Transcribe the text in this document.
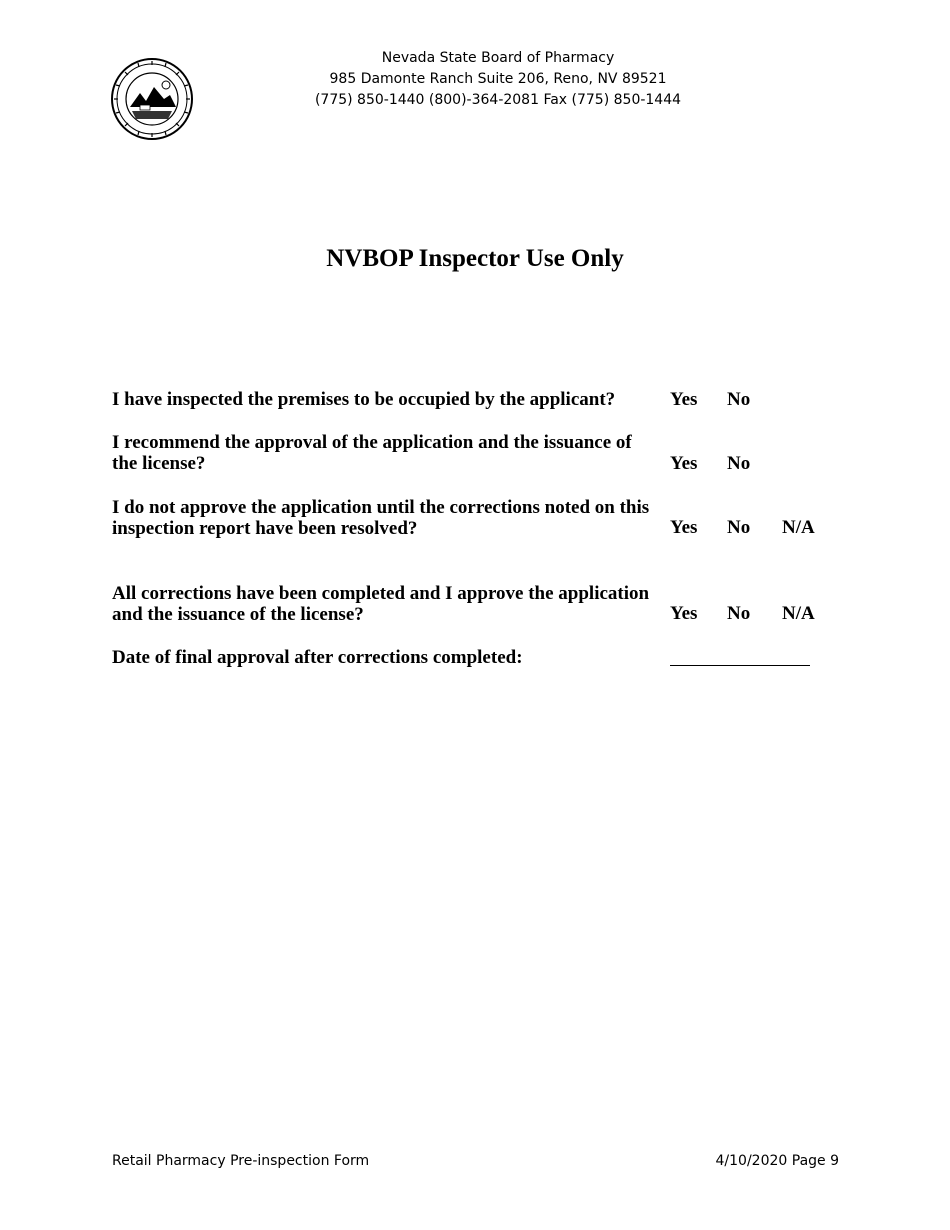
Nevada State Board of Pharmacy
985 Damonte Ranch Suite 206, Reno, NV 89521
(775) 850-1440 (800)-364-2081 Fax (775) 850-1444
NVBOP Inspector Use Only
I have inspected the premises to be occupied by the applicant?	Yes No
I recommend the approval of the application and the issuance of the license?	Yes No
I do not approve the application until the corrections noted on this inspection report have been resolved?	Yes No N/A
All corrections have been completed and I approve the application and the issuance of the license?	Yes No N/A
Date of final approval after corrections completed:
Retail Pharmacy Pre-inspection Form	4/10/2020 Page 9
